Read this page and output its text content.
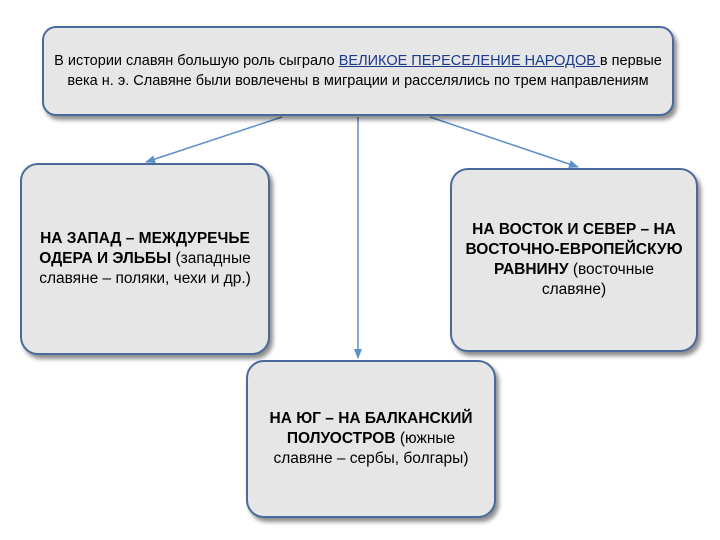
В истории славян большую роль сыграло ВЕЛИКОЕ ПЕРЕСЕЛЕНИЕ НАРОДОВ в первые века н. э. Славяне были вовлечены в миграции и расселялись по трем направлениям
НА ЗАПАД – МЕЖДУРЕЧЬЕ ОДЕРА И ЭЛЬБЫ (западные славяне – поляки, чехи и др.)
НА ВОСТОК И СЕВЕР – НА ВОСТОЧНО-ЕВРОПЕЙСКУЮ РАВНИНУ (восточные славяне)
НА ЮГ – НА БАЛКАНСКИЙ ПОЛУОСТРОВ (южные славяне – сербы, болгары)
